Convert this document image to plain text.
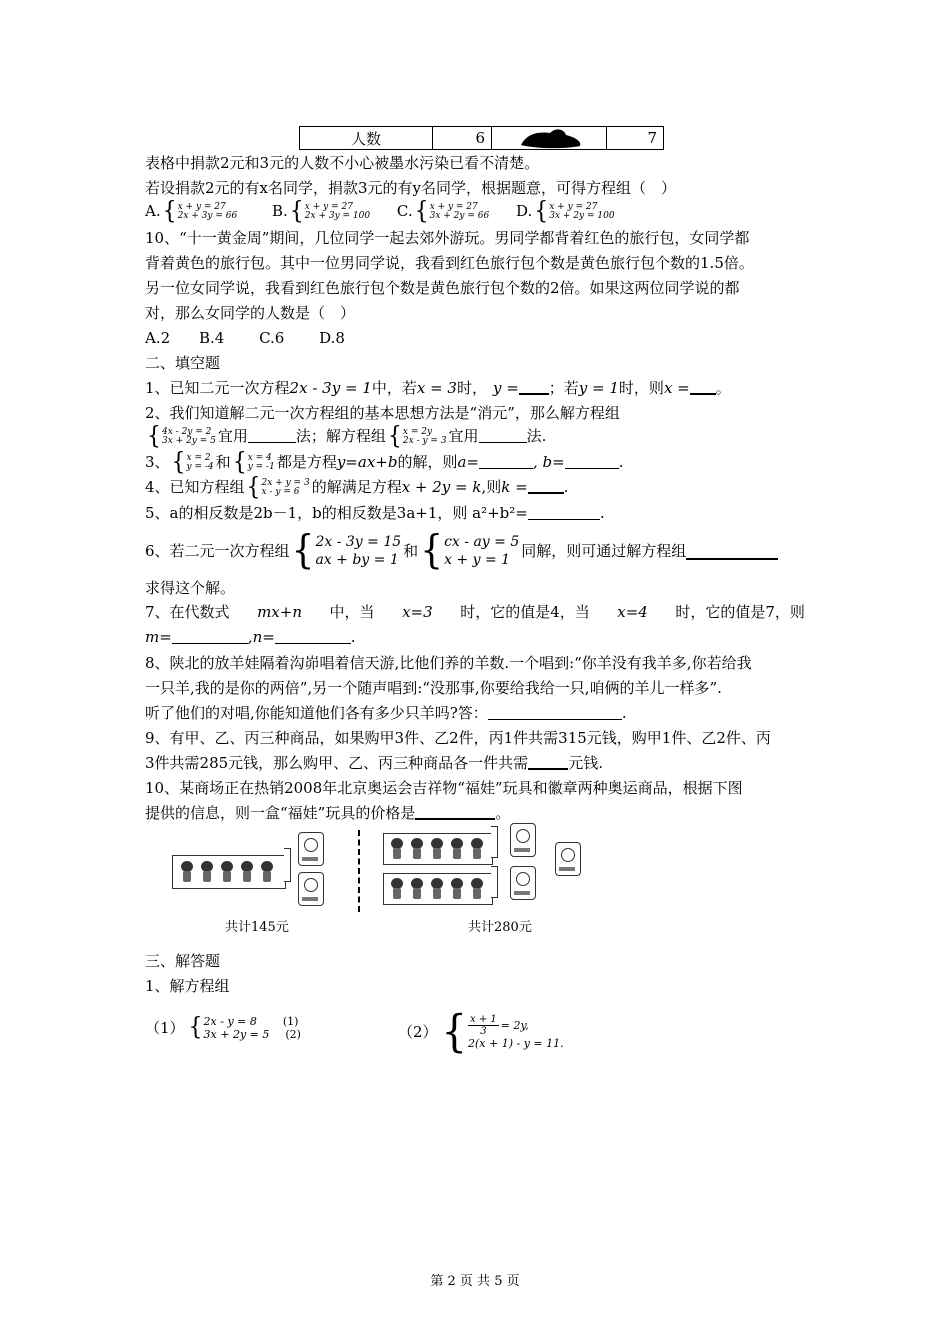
人数	6		7
表格中捐款2元和3元的人数不小心被墨水污染已看不清楚。
若设捐款2元的有x名同学，捐款3元的有y名同学，根据题意，可得方程组（　）
A. { x + y = 27
2x + 3y = 66 B. { x + y = 27
2x + 3y = 100 C. { x + y = 27
3x + 2y = 66 D. { x + y = 27
3x + 2y = 100
10、“十一黄金周”期间，几位同学一起去郊外游玩。男同学都背着红色的旅行包，女同学都
背着黄色的旅行包。其中一位男同学说，我看到红色旅行包个数是黄色旅行包个数的1.5倍。
另一位女同学说，我看到红色旅行包个数是黄色旅行包个数的2倍。如果这两位同学说的都
对，那么女同学的人数是（　）
A.2 B.4 C.6 D.8
二、填空题
1、已知二元一次方程2x - 3y = 1中，若x = 3时， y = ；若y = 1时，则x = 。
2、我们知道解二元一次方程组的基本思想方法是“消元”，那么解方程组
{ 4x - 2y = 2
3x + 2y = 5 宜用	法；解方程组 { x = 2y
2x - y = 3 宜用	法.
3、 { x = 2
y = -4 和 { x = 4
y = -1 都是方程y=ax+b的解，则a=	, b=	.
4、已知方程组 { 2x + y = 3
x - y = 6 的解满足方程x + 2y = k,则k = .
5、a的相反数是2b－1，b的相反数是3a+1，则 a²+b²=	.
6、若二元一次方程组 { 2x - 3y = 15
ax + by = 1 和 { cx - ay = 5
x + y = 1 同解，则可通过解方程组
求得这个解。
7、在代数式 mx+n 中，当 x=3 时，它的值是4，当 x=4 时，它的值是7，则
m=	,n=	.
8、陕北的放羊娃隔着沟峁唱着信天游,比他们养的羊数.一个唱到:“你羊没有我羊多,你若给我
一只羊,我的是你的两倍”,另一个随声唱到:“没那事,你要给我给一只,咱俩的羊儿一样多”.
听了他们的对唱,你能知道他们各有多少只羊吗?答：	.
9、有甲、乙、丙三种商品，如果购甲3件、乙2件，丙1件共需315元钱，购甲1件、乙2件、丙
3件共需285元钱，那么购甲、乙、丙三种商品各一件共需	元钱.
10、某商场正在热销2008年北京奥运会吉祥物“福娃”玩具和徽章两种奥运商品，根据下图
提供的信息，则一盒“福娃”玩具的价格是	。
共计145元	共计280元
三、解答题
1、解方程组
（1） { 2x - y = 8 (1)
3x + 2y = 5 (2)	（2） { $\frac{x + 1}{3} = 2y$,
2(x + 1) - y = 11.
第 2 页 共 5 页
